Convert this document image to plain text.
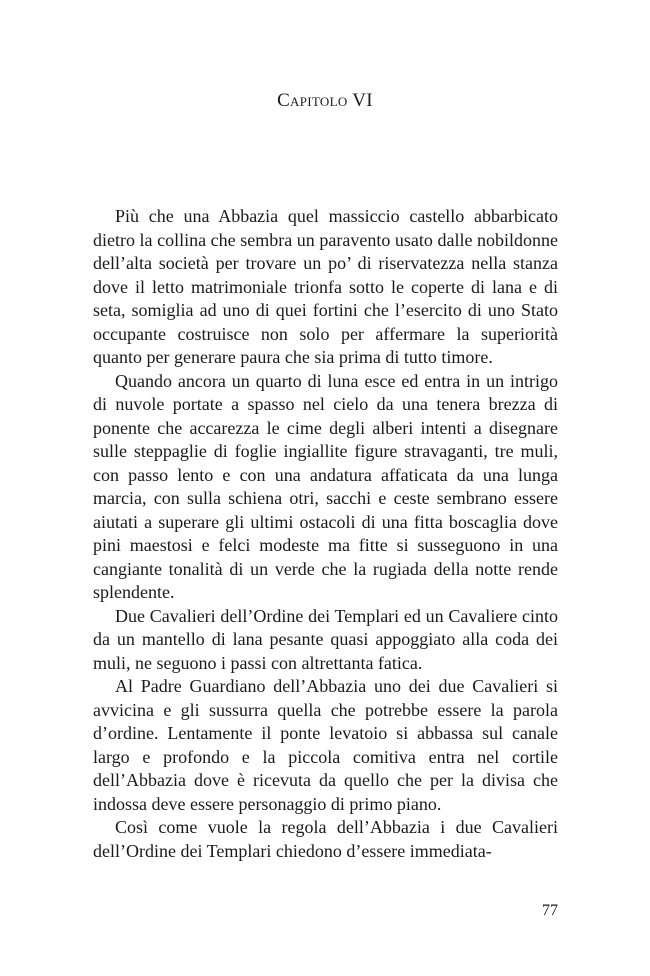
Capitolo VI

Più che una Abbazia quel massiccio castello abbarbicato dietro la collina che sembra un paravento usato dalle nobildonne dell’alta società per trovare un po’ di riservatezza nella stanza dove il letto matrimoniale trionfa sotto le coperte di lana e di seta, somiglia ad uno di quei fortini che l’esercito di uno Stato occupante costruisce non solo per affermare la superiorità quanto per generare paura che sia prima di tutto timore.

Quando ancora un quarto di luna esce ed entra in un intrigo di nuvole portate a spasso nel cielo da una tenera brezza di ponente che accarezza le cime degli alberi intenti a disegnare sulle steppaglie di foglie ingiallite figure stravaganti, tre muli, con passo lento e con una andatura affaticata da una lunga marcia, con sulla schiena otri, sacchi e ceste sembrano essere aiutati a superare gli ultimi ostacoli di una fitta boscaglia dove pini maestosi e felci modeste ma fitte si susseguono in una cangiante tonalità di un verde che la rugiada della notte rende splendente.

Due Cavalieri dell’Ordine dei Templari ed un Cavaliere cinto da un mantello di lana pesante quasi appoggiato alla coda dei muli, ne seguono i passi con altrettanta fatica.

Al Padre Guardiano dell’Abbazia uno dei due Cavalieri si avvicina e gli sussurra quella che potrebbe essere la parola d’ordine. Lentamente il ponte levatoio si abbassa sul canale largo e profondo e la piccola comitiva entra nel cortile dell’Abbazia dove è ricevuta da quello che per la divisa che indossa deve essere personaggio di primo piano.

Così come vuole la regola dell’Abbazia i due Cavalieri dell’Ordine dei Templari chiedono d’essere immediata-

77
